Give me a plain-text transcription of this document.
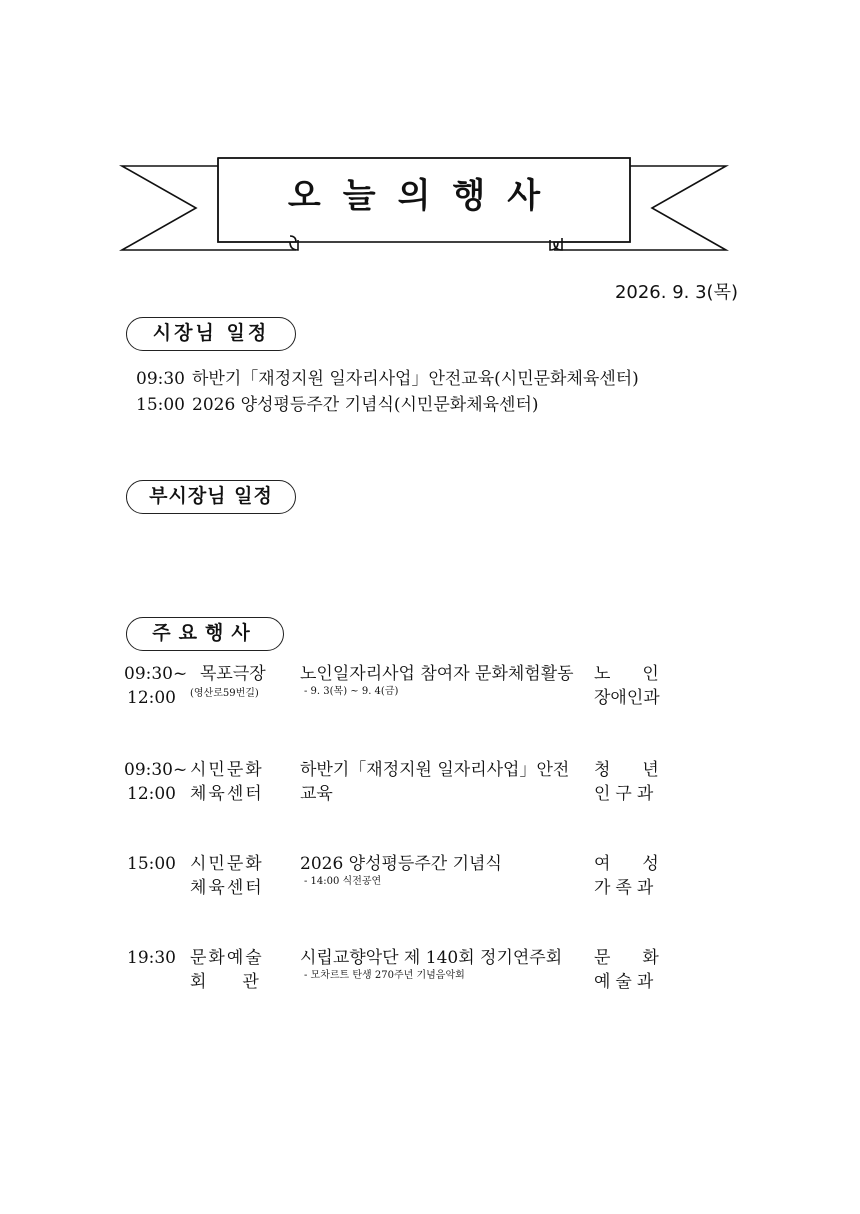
오늘의행사
2026. 9. 3(목)
시장님 일정
09:30 하반기「재정지원 일자리사업」안전교육(시민문화체육센터)
15:00 2026 양성평등주간 기념식(시민문화체육센터)
부시장님 일정
주요행사
09:30~
12:00
목포극장
(영산로59번길)
노인일자리사업 참여자 문화체험활동
- 9. 3(목) ~ 9. 4(금)
노인
장애인과
09:30~
12:00
시민문화
체육센터
하반기「재정지원 일자리사업」안전
교육
청년
인구과
15:00 시민문화
체육센터
2026 양성평등주간 기념식
- 14:00 식전공연
여성
가족과
19:30 문화예술
회관
시립교향악단 제 140회 정기연주회
- 모차르트 탄생 270주년 기념음악회
문화
예술과
